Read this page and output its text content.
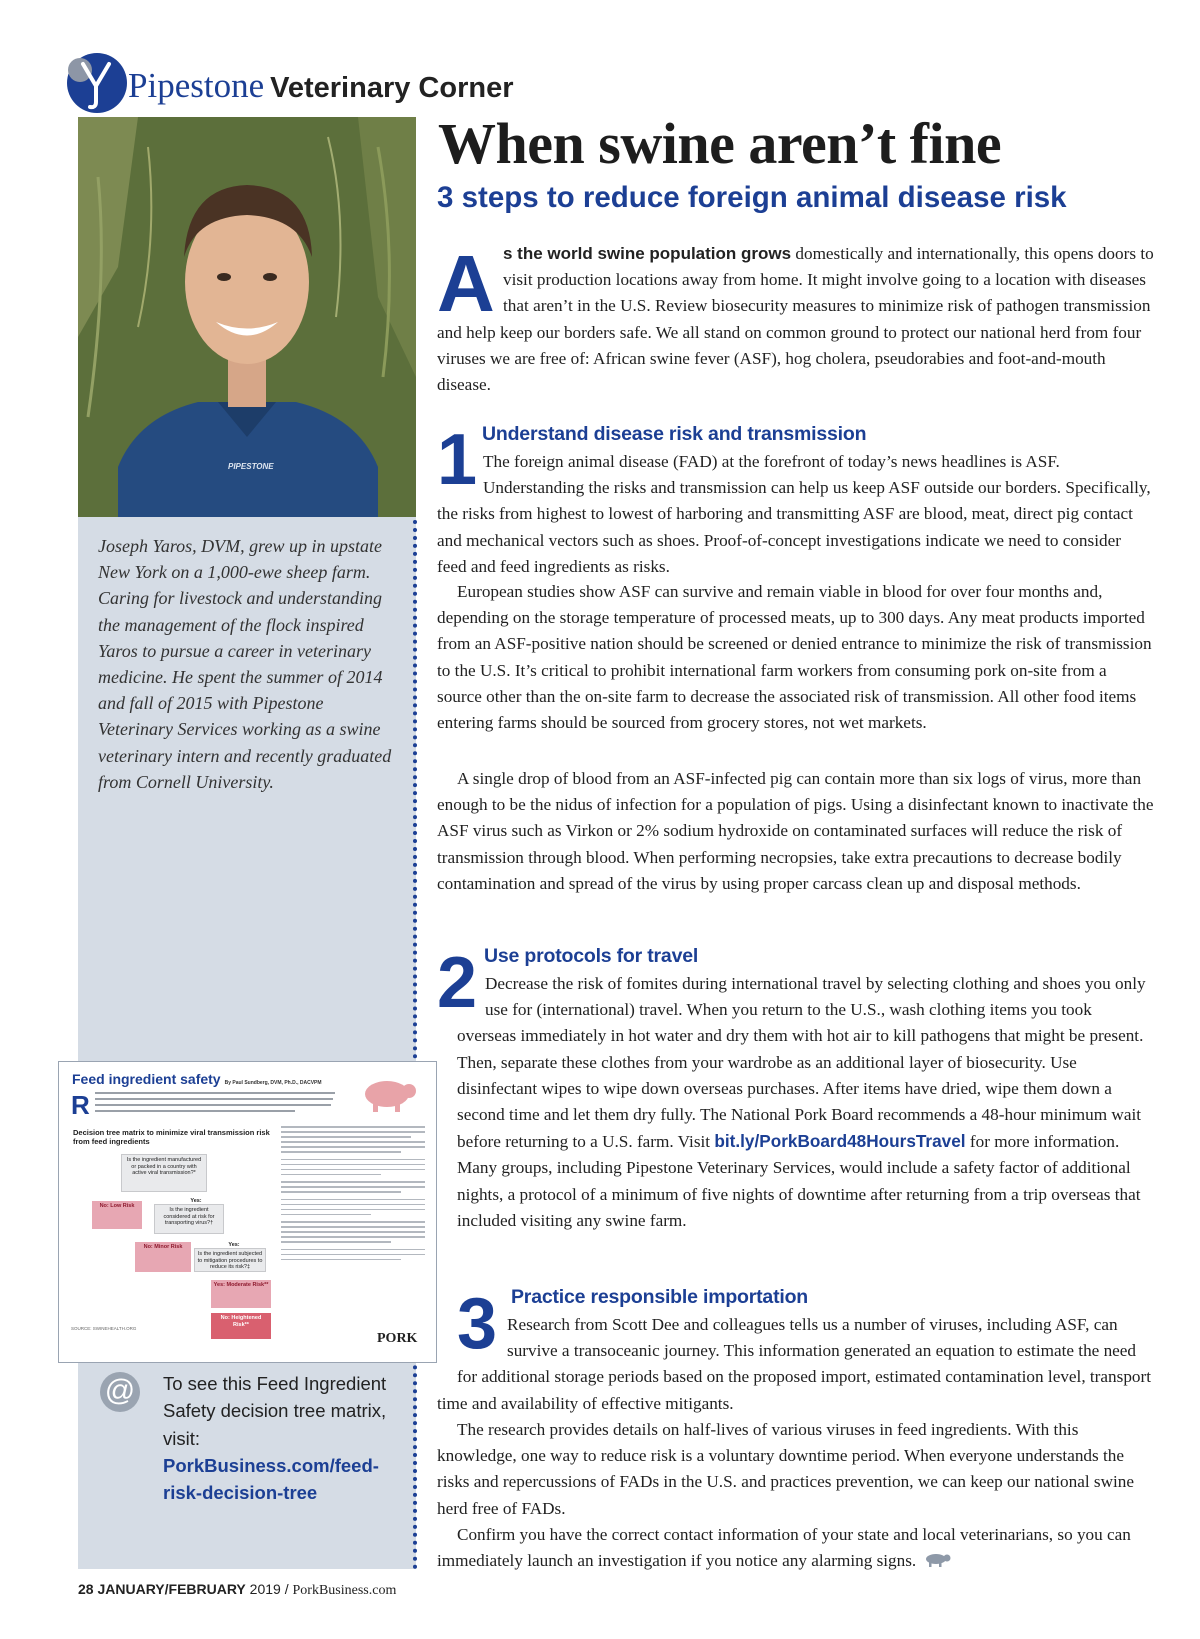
Pipestone Veterinary Corner
PIPESTONE
Joseph Yaros, DVM, grew up in upstate New York on a 1,000-ewe sheep farm. Caring for livestock and understanding the management of the flock inspired Yaros to pursue a career in veterinary medicine. He spent the summer of 2014 and fall of 2015 with Pipestone Veterinary Services working as a swine veterinary intern and recently graduated from Cornell University.
Feed ingredient safety By Paul Sundberg, DVM, Ph.D., DACVPM
R
Decision tree matrix to minimize viral transmission risk from feed ingredients
Is the ingredient manufactured or packed in a country with active viral transmission?*
No: Low Risk
Yes:
Is the ingredient considered at risk for transporting virus?†
No: Minor Risk	Yes:
Is the ingredient subjected to mitigation procedures to reduce its risk?‡
Yes: Moderate Risk**
No: Heightened Risk**
SOURCE: SWINEHEALTH.ORG
PORK
@ To see this Feed Ingredient Safety decision tree matrix, visit:
PorkBusiness.com/feed-
risk-decision-tree
28 JANUARY/FEBRUARY 2019 / PorkBusiness.com
When swine aren’t fine
3 steps to reduce foreign animal disease risk
A s the world swine population grows domestically and internationally, this opens doors to visit production locations away from home. It might involve going to a location with diseases that aren’t in the U.S. Review biosecurity measures to minimize risk of pathogen transmission and help keep our borders safe. We all stand on common ground to protect our national herd from four viruses we are free of: African swine fever (ASF), hog cholera, pseudorabies and foot-and-mouth disease.

1 Understand disease risk and transmission

The foreign animal disease (FAD) at the forefront of today’s news headlines is ASF. Understanding the risks and transmission can help us keep ASF outside our borders. Specifically, the risks from highest to lowest of harboring and transmitting ASF are blood, meat, direct pig contact and mechanical vectors such as shoes. Proof-of-concept investigations indicate we need to consider feed and feed ingredients as risks.

European studies show ASF can survive and remain viable in blood for over four months and, depending on the storage temperature of processed meats, up to 300 days. Any meat products imported from an ASF-positive nation should be screened or denied entrance to minimize the risk of transmission to the U.S. It’s critical to prohibit international farm workers from consuming pork on-site from a source other than the on-site farm to decrease the associated risk of transmission. All other food items entering farms should be sourced from grocery stores, not wet markets.

A single drop of blood from an ASF-infected pig can contain more than six logs of virus, more than enough to be the nidus of infection for a population of pigs. Using a disinfectant known to inactivate the ASF virus such as Virkon or 2% sodium hydroxide on contaminated surfaces will reduce the risk of transmission through blood. When performing necropsies, take extra precautions to decrease bodily contamination and spread of the virus by using proper carcass clean up and disposal methods.

2 Use protocols for travel

Decrease the risk of fomites during international travel by selecting clothing and shoes you only use for (international) travel. When you return to the U.S., wash clothing items you took overseas immediately in hot water and dry them with hot air to kill pathogens that might be present. Then, separate these clothes from your wardrobe as an additional layer of biosecurity. Use disinfectant wipes to wipe down overseas purchases. After items have dried, wipe them down a second time and let them dry fully. The National Pork Board recommends a 48-hour minimum wait before returning to a U.S. farm. Visit bit.ly/PorkBoard48HoursTravel for more information. Many groups, including Pipestone Veterinary Services, would include a safety factor of additional nights, a protocol of a minimum of five nights of downtime after returning from a trip overseas that included visiting any swine farm.

3 Practice responsible importation

Research from Scott Dee and colleagues tells us a number of viruses, including ASF, can survive a transoceanic journey. This information generated an equation to estimate the need for additional storage periods based on the proposed import, estimated contamination level, transport time and availability of effective mitigants.

The research provides details on half-lives of various viruses in feed ingredients. With this knowledge, one way to reduce risk is a voluntary downtime period. When everyone understands the risks and repercussions of FADs in the U.S. and practices prevention, we can keep our national swine herd free of FADs.

Confirm you have the correct contact information of your state and local veterinarians, so you can immediately launch an investigation if you notice any alarming signs.
